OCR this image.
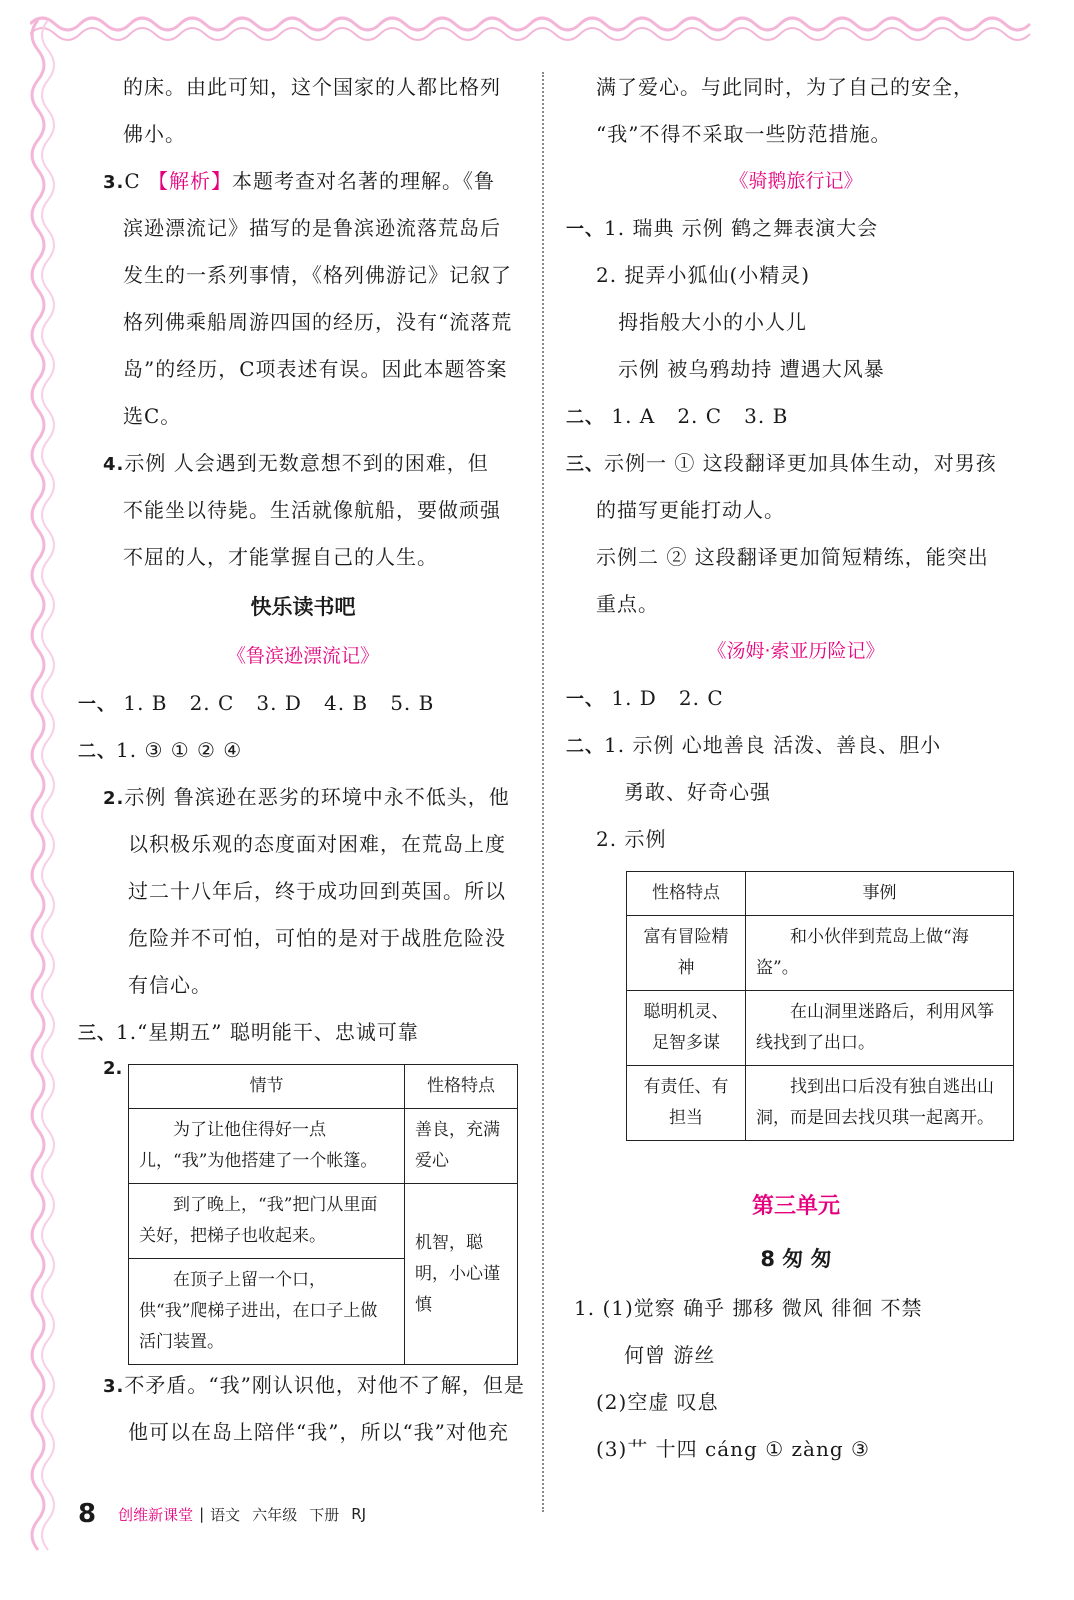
的床。由此可知，这个国家的人都比格列
佛小。
3.C 【解析】本题考查对名著的理解。《鲁
滨逊漂流记》描写的是鲁滨逊流落荒岛后
发生的一系列事情，《格列佛游记》记叙了
格列佛乘船周游四国的经历，没有“流落荒
岛”的经历，C项表述有误。因此本题答案
选C。
4.示例 人会遇到无数意想不到的困难，但
不能坐以待毙。生活就像航船，要做顽强
不屈的人，才能掌握自己的人生。
快乐读书吧
《鲁滨逊漂流记》
一、 1. B 2. C 3. D 4. B 5. B
二、1. ③ ① ② ④
2.示例 鲁滨逊在恶劣的环境中永不低头，他
以积极乐观的态度面对困难，在荒岛上度
过二十八年后，终于成功回到英国。所以
危险并不可怕，可怕的是对于战胜危险没
有信心。
三、1.“星期五” 聪明能干、忠诚可靠
2.
情节	性格特点
为了让他住得好一点儿，“我”为他搭建了一个帐篷。	善良，充满爱心
到了晚上，“我”把门从里面关好，把梯子也收起来。	机智，聪明，小心谨慎
在顶子上留一个口，供“我”爬梯子进出，在口子上做活门装置。	
3.不矛盾。“我”刚认识他，对他不了解，但是
他可以在岛上陪伴“我”，所以“我”对他充
满了爱心。与此同时，为了自己的安全，
“我”不得不采取一些防范措施。
《骑鹅旅行记》
一、1. 瑞典 示例 鹤之舞表演大会
2. 捉弄小狐仙(小精灵)
拇指般大小的小人儿
示例 被乌鸦劫持 遭遇大风暴
二、 1. A 2. C 3. B
三、示例一 ① 这段翻译更加具体生动，对男孩
的描写更能打动人。
示例二 ② 这段翻译更加简短精练，能突出
重点。
《汤姆·索亚历险记》
一、 1. D 2. C
二、1. 示例 心地善良 活泼、善良、胆小
勇敢、好奇心强
2. 示例
性格特点	事例
富有冒险精神	和小伙伴到荒岛上做“海盗”。
聪明机灵、足智多谋	在山洞里迷路后，利用风筝线找到了出口。
有责任、有担当	找到出口后没有独自逃出山洞，而是回去找贝琪一起离开。
第三单元
8 匆 匆
1. (1)觉察 确乎 挪移 微风 徘徊 不禁
何曾 游丝
(2)空虚 叹息
(3)艹 十四 cáng ① zàng ③
8 创维新课堂 | 语文 六年级 下册 RJ
